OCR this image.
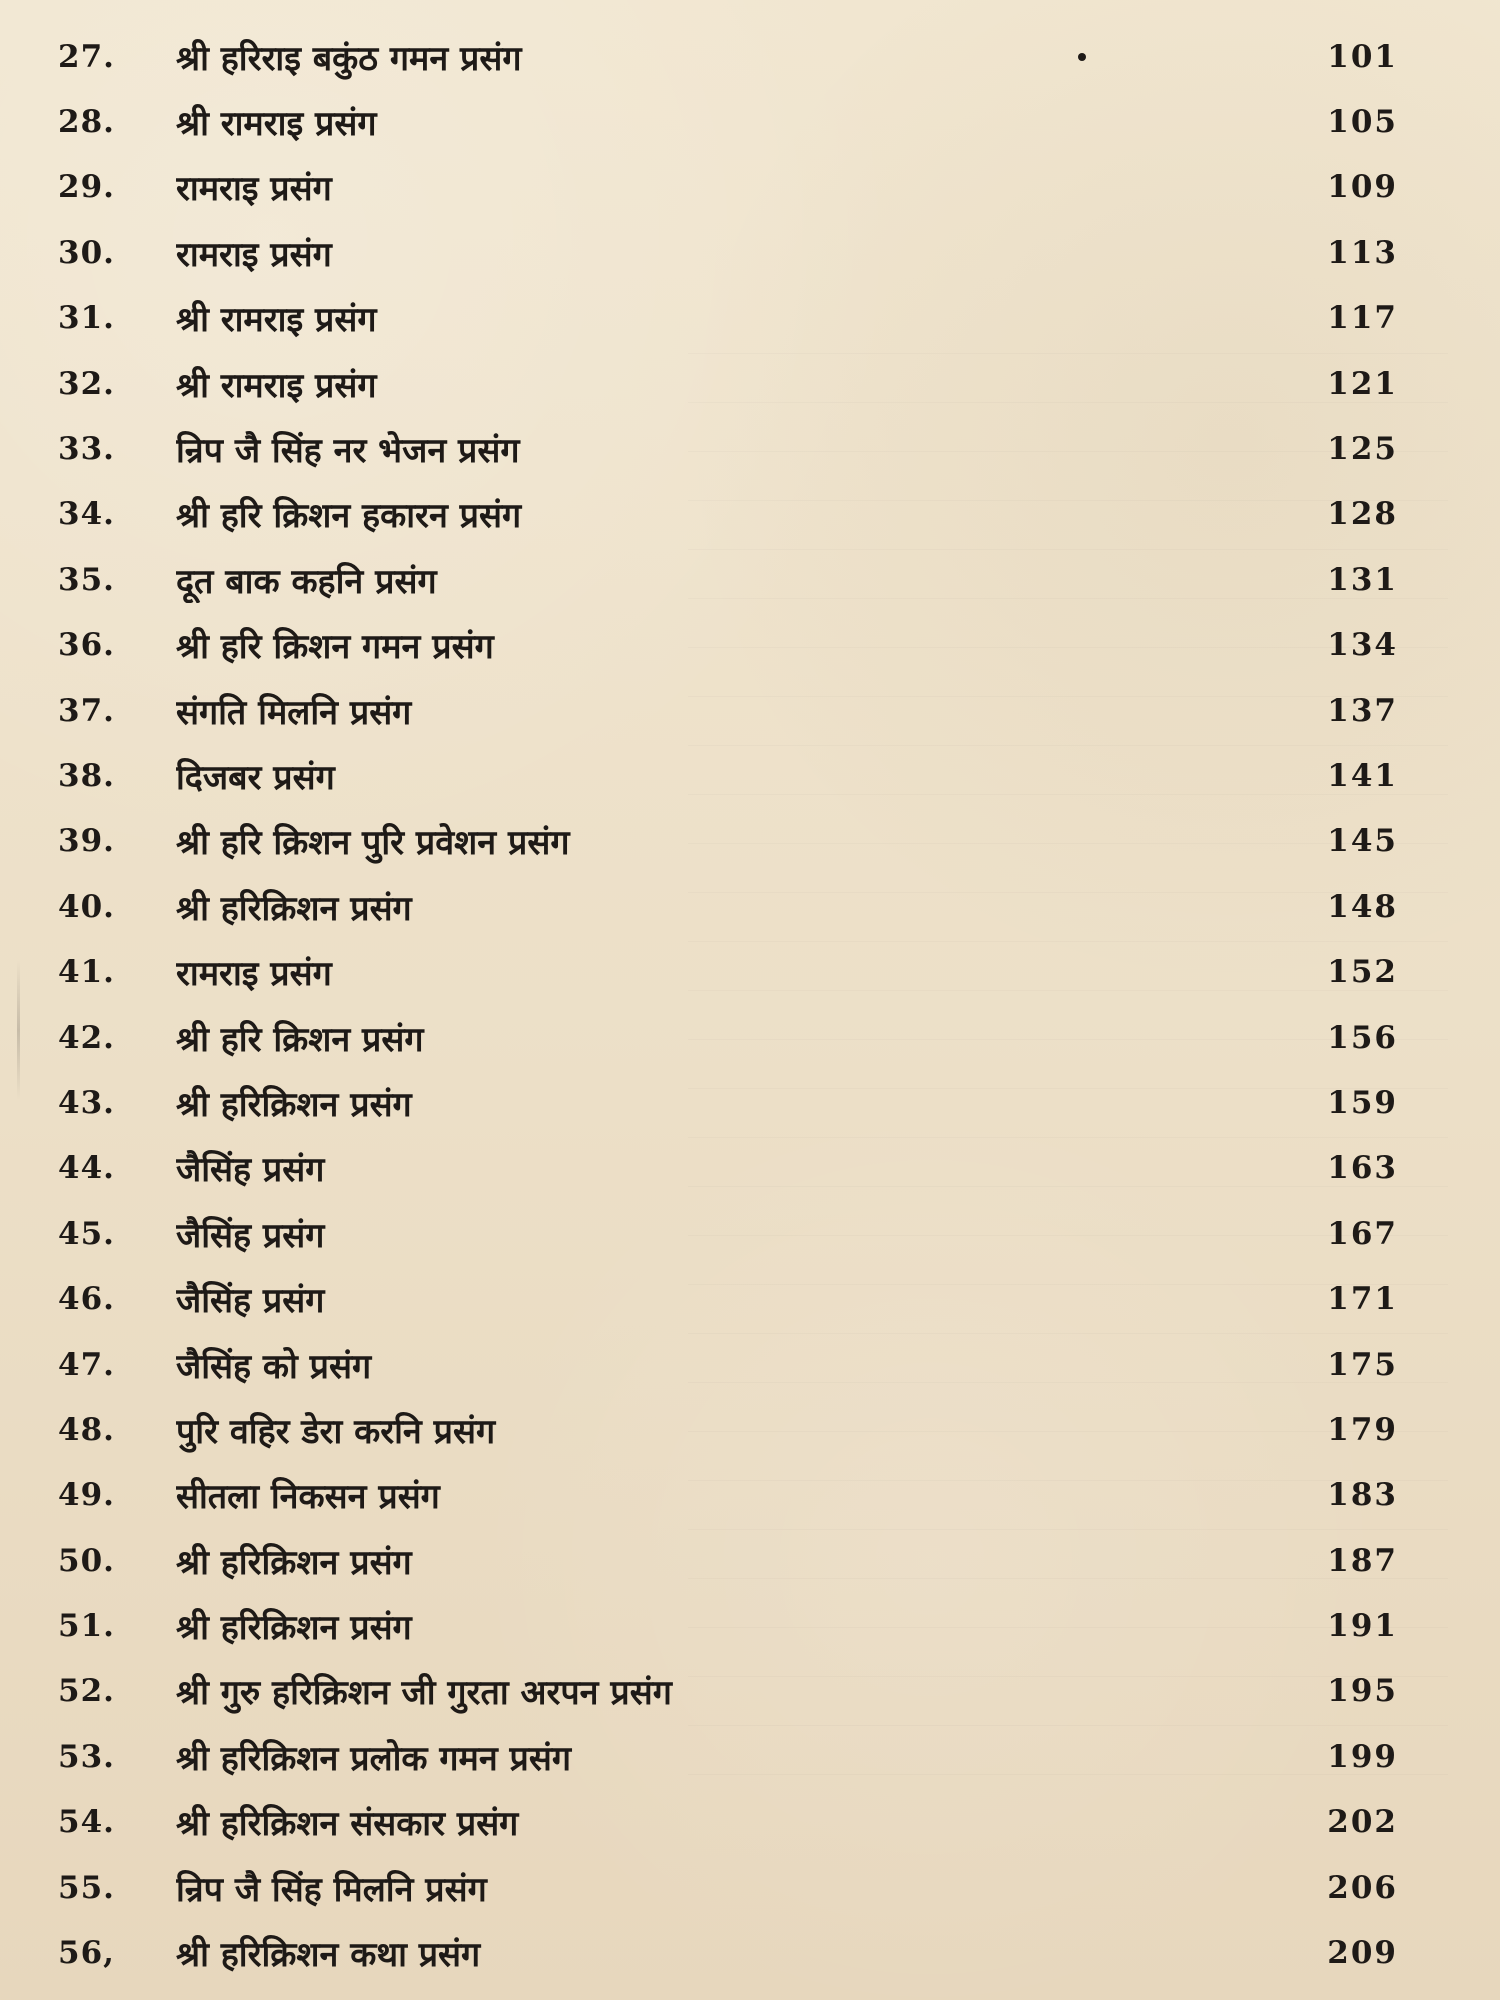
27.	श्री हरिराइ बकुंठ गमन प्रसंग	101
28.	श्री रामराइ प्रसंग	105
29.	रामराइ प्रसंग	109
30.	रामराइ प्रसंग	113
31.	श्री रामराइ प्रसंग	117
32.	श्री रामराइ प्रसंग	121
33.	न्रिप जै सिंह नर भेजन प्रसंग	125
34.	श्री हरि क्रिशन हकारन प्रसंग	128
35.	दूत बाक कहनि प्रसंग	131
36.	श्री हरि क्रिशन गमन प्रसंग	134
37.	संगति मिलनि प्रसंग	137
38.	दिजबर प्रसंग	141
39.	श्री हरि क्रिशन पुरि प्रवेशन प्रसंग	145
40.	श्री हरिक्रिशन प्रसंग	148
41.	रामराइ प्रसंग	152
42.	श्री हरि क्रिशन प्रसंग	156
43.	श्री हरिक्रिशन प्रसंग	159
44.	जैसिंह प्रसंग	163
45.	जैसिंह प्रसंग	167
46.	जैसिंह प्रसंग	171
47.	जैसिंह को प्रसंग	175
48.	पुरि वहिर डेरा करनि प्रसंग	179
49.	सीतला निकसन प्रसंग	183
50.	श्री हरिक्रिशन प्रसंग	187
51.	श्री हरिक्रिशन प्रसंग	191
52.	श्री गुरु हरिक्रिशन जी गुरता अरपन प्रसंग	195
53.	श्री हरिक्रिशन प्रलोक गमन प्रसंग	199
54.	श्री हरिक्रिशन संसकार प्रसंग	202
55.	न्रिप जै सिंह मिलनि प्रसंग	206
56,	श्री हरिक्रिशन कथा प्रसंग	209
